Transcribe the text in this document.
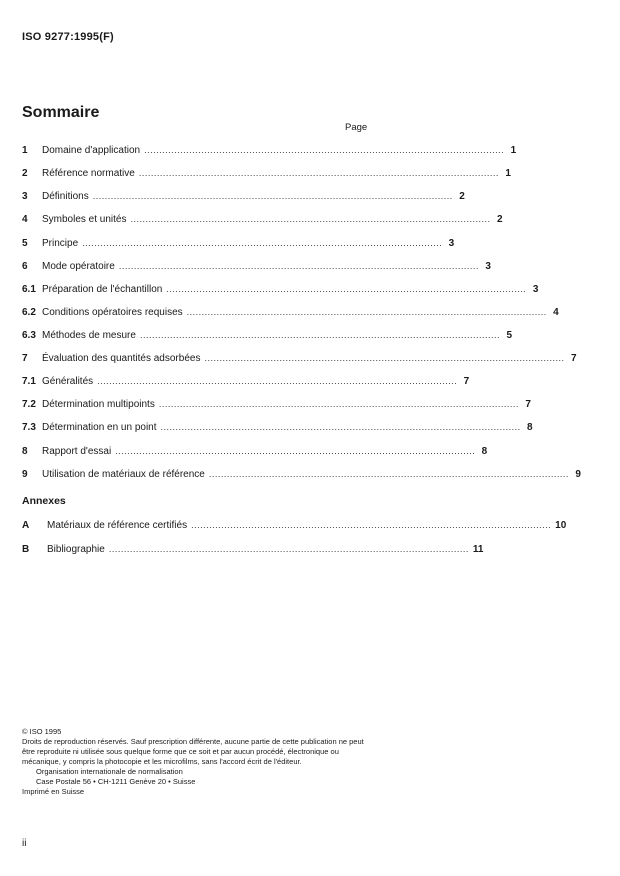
ISO 9277:1995(F)
Sommaire
Page
1	Domaine d'application ........................................................................................................................ 1
2	Référence normative ........................................................................................................................ 1
3	Définitions ........................................................................................................................ 2
4	Symboles et unités ........................................................................................................................ 2
5	Principe ........................................................................................................................ 3
6	Mode opératoire ........................................................................................................................ 3
6.1 Préparation de l'échantillon ........................................................................................................................ 3
6.2 Conditions opératoires requises ........................................................................................................................ 4
6.3 Méthodes de mesure ........................................................................................................................ 5
7	Évaluation des quantités adsorbées ........................................................................................................................ 7
7.1 Généralités ........................................................................................................................ 7
7.2 Détermination multipoints ........................................................................................................................ 7
7.3 Détermination en un point ........................................................................................................................ 8
8	Rapport d'essai ........................................................................................................................ 8
9	Utilisation de matériaux de référence ........................................................................................................................ 9
Annexes
A	Matériaux de référence certifiés ........................................................................................................................ 10
B	Bibliographie ........................................................................................................................ 11
© ISO 1995
Droits de reproduction réservés. Sauf prescription différente, aucune partie de cette publication ne peut être reproduite ni utilisée sous quelque forme que ce soit et par aucun procédé, électronique ou mécanique, y compris la photocopie et les microfilms, sans l'accord écrit de l'éditeur.
Organisation internationale de normalisation
Case Postale 56 • CH-1211 Genève 20 • Suisse
Imprimé en Suisse
ii
